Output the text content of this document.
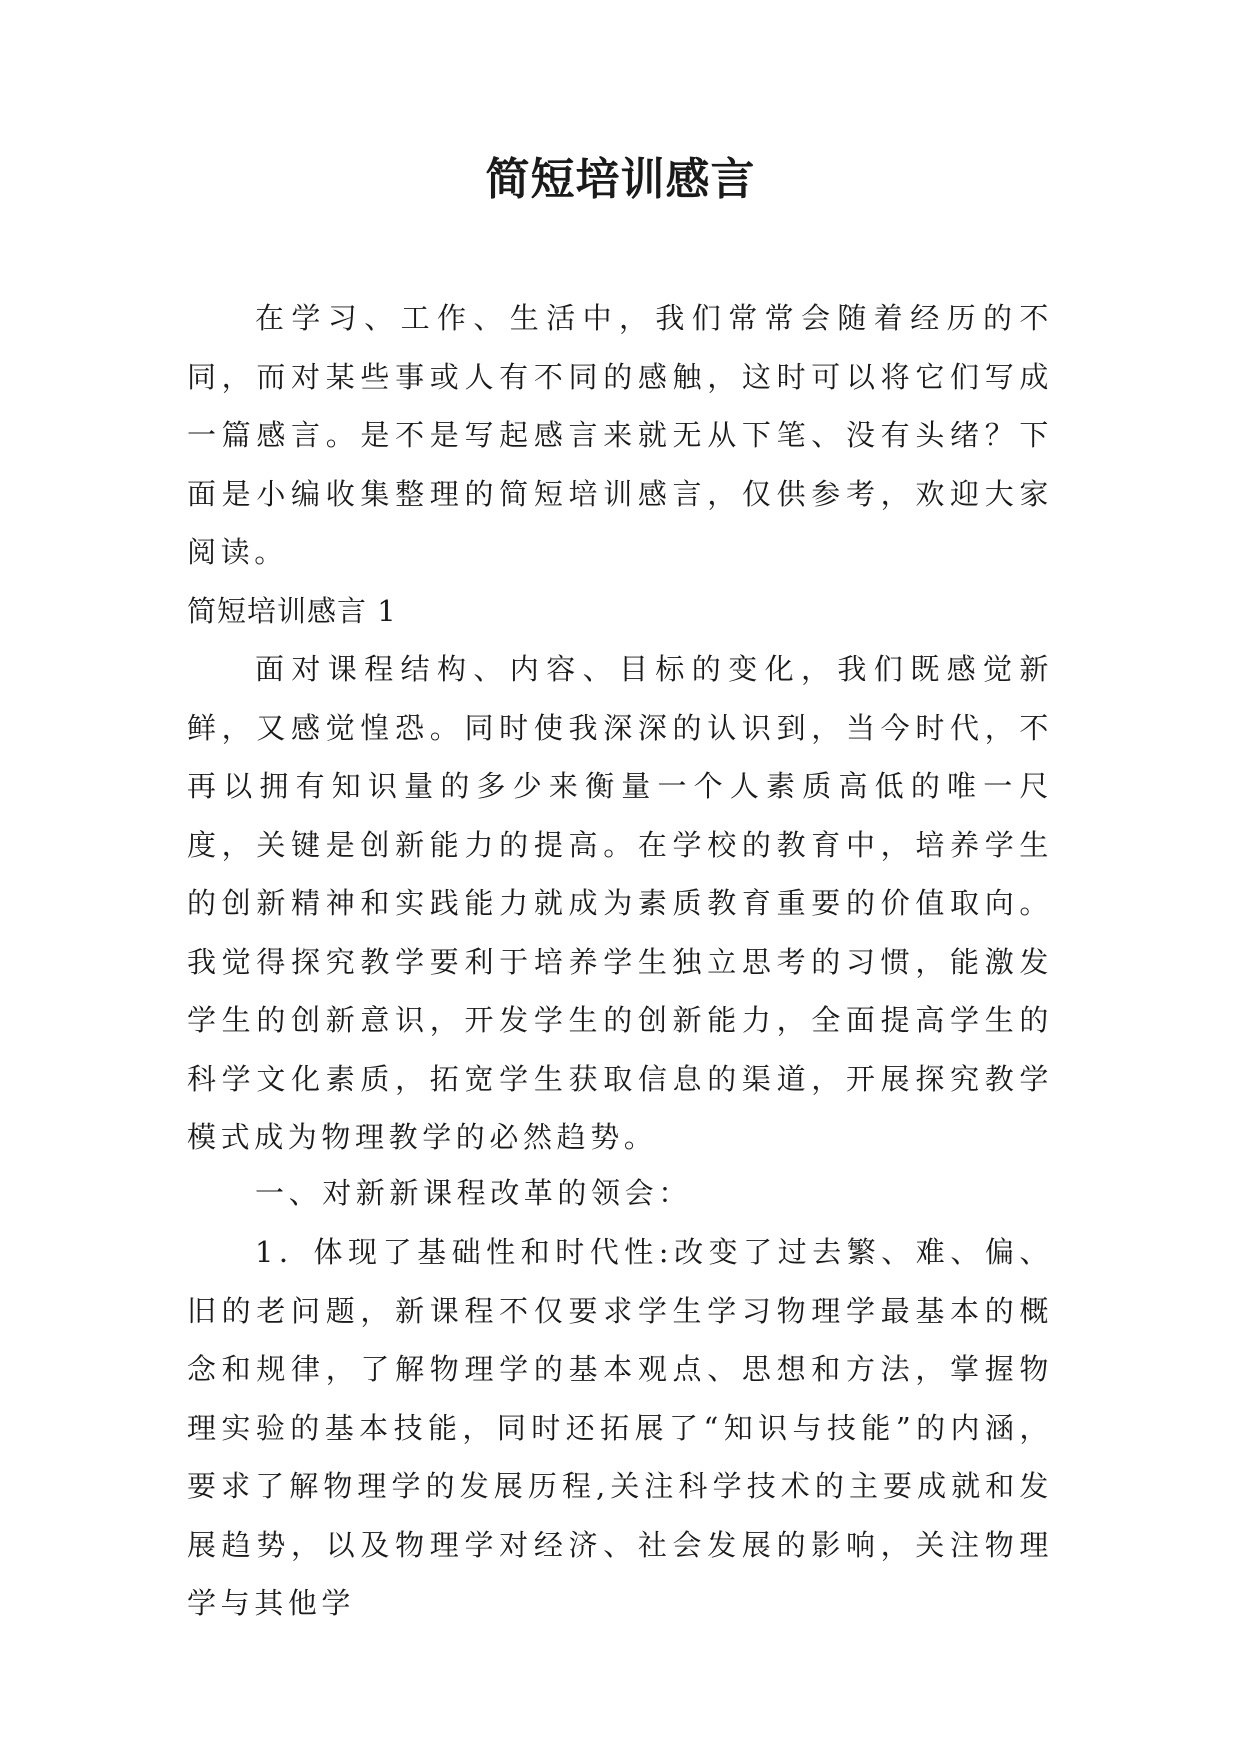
简短培训感言

在学习、工作、生活中，我们常常会随着经历的不同，而对某些事或人有不同的感触，这时可以将它们写成一篇感言。是不是写起感言来就无从下笔、没有头绪？下面是小编收集整理的简短培训感言，仅供参考，欢迎大家阅读。

简短培训感言 1

面对课程结构、内容、目标的变化，我们既感觉新鲜，又感觉惶恐。同时使我深深的认识到，当今时代，不再以拥有知识量的多少来衡量一个人素质高低的唯一尺度，关键是创新能力的提高。在学校的教育中，培养学生的创新精神和实践能力就成为素质教育重要的价值取向。我觉得探究教学要利于培养学生独立思考的习惯，能激发学生的创新意识，开发学生的创新能力，全面提高学生的科学文化素质，拓宽学生获取信息的渠道，开展探究教学模式成为物理教学的必然趋势。

一、对新新课程改革的领会：

1．体现了基础性和时代性:改变了过去繁、难、偏、旧的老问题，新课程不仅要求学生学习物理学最基本的概念和规律，了解物理学的基本观点、思想和方法，掌握物理实验的基本技能，同时还拓展了“知识与技能”的内涵，要求了解物理学的发展历程,关注科学技术的主要成就和发展趋势，以及物理学对经济、社会发展的影响，关注物理学与其他学
